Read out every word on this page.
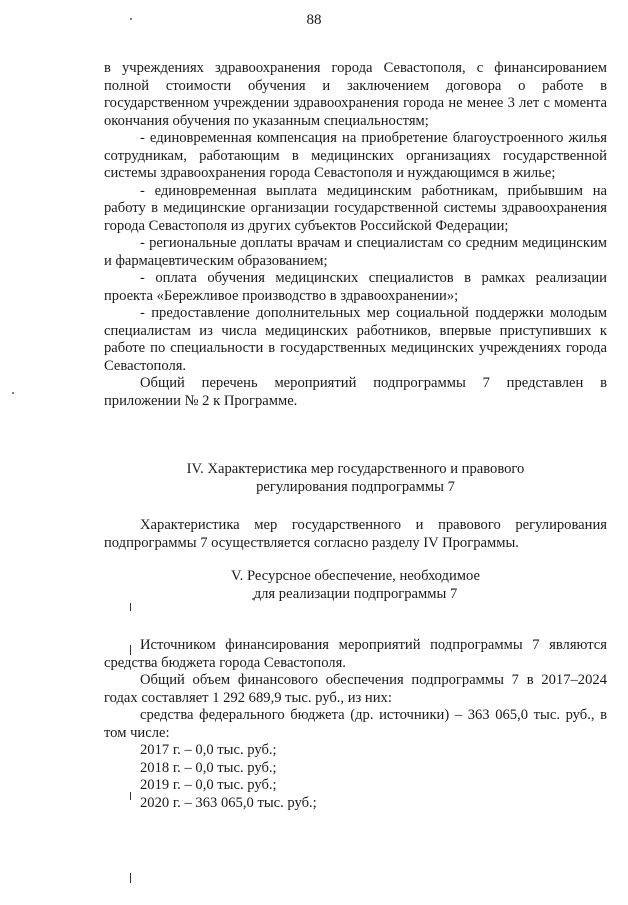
88

в учреждениях здравоохранения города Севастополя, с финансированием полной стоимости обучения и заключением договора о работе в государственном учреждении здравоохранения города не менее 3 лет с момента окончания обучения по указанным специальностям;

- единовременная компенсация на приобретение благоустроенного жилья сотрудникам, работающим в медицинских организациях государственной системы здравоохранения города Севастополя и нуждающимся в жилье;

- единовременная выплата медицинским работникам, прибывшим на работу в медицинские организации государственной системы здравоохранения города Севастополя из других субъектов Российской Федерации;

- региональные доплаты врачам и специалистам со средним медицинским и фармацевтическим образованием;

- оплата обучения медицинских специалистов в рамках реализации проекта «Бережливое производство в здравоохранении»;

- предоставление дополнительных мер социальной поддержки молодым специалистам из числа медицинских работников, впервые приступивших к работе по специальности в государственных медицинских учреждениях города Севастополя.

Общий перечень мероприятий подпрограммы 7 представлен в приложении № 2 к Программе.

IV. Характеристика мер государственного и правового
регулирования подпрограммы 7

Характеристика мер государственного и правового регулирования подпрограммы 7 осуществляется согласно разделу IV Программы.

V. Ресурсное обеспечение, необходимое
для реализации подпрограммы 7

Источником финансирования мероприятий подпрограммы 7 являются средства бюджета города Севастополя.

Общий объем финансового обеспечения подпрограммы 7 в 2017–2024 годах составляет 1 292 689,9 тыс. руб., из них:

средства федерального бюджета (др. источники) – 363 065,0 тыс. руб., в том числе:

2017 г. – 0,0 тыс. руб.;
2018 г. – 0,0 тыс. руб.;
2019 г. – 0,0 тыс. руб.;
2020 г. – 363 065,0 тыс. руб.;
